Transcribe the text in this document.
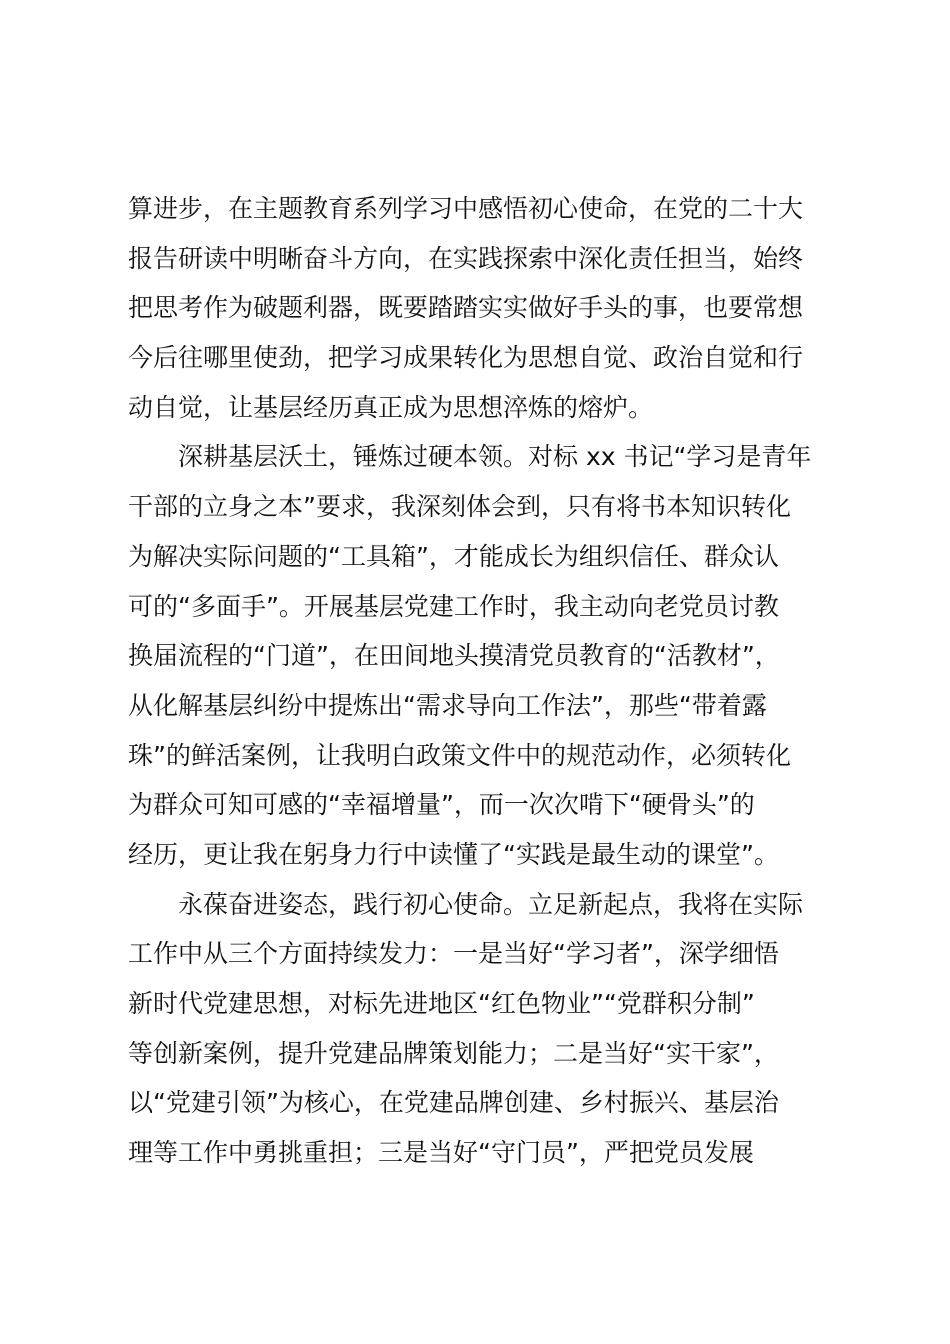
算进步，在主题教育系列学习中感悟初心使命，在党的二十大
报告研读中明晰奋斗方向，在实践探索中深化责任担当，始终
把思考作为破题利器，既要踏踏实实做好手头的事，也要常想
今后往哪里使劲，把学习成果转化为思想自觉、政治自觉和行
动自觉，让基层经历真正成为思想淬炼的熔炉。
深耕基层沃土，锤炼过硬本领。对标 xx 书记“学习是青年
干部的立身之本”要求，我深刻体会到，只有将书本知识转化
为解决实际问题的“工具箱”，才能成长为组织信任、群众认
可的“多面手”。开展基层党建工作时，我主动向老党员讨教
换届流程的“门道”，在田间地头摸清党员教育的“活教材”，
从化解基层纠纷中提炼出“需求导向工作法”，那些“带着露
珠”的鲜活案例，让我明白政策文件中的规范动作，必须转化
为群众可知可感的“幸福增量”，而一次次啃下“硬骨头”的
经历，更让我在躬身力行中读懂了“实践是最生动的课堂”。
永葆奋进姿态，践行初心使命。立足新起点，我将在实际
工作中从三个方面持续发力：一是当好“学习者”，深学细悟
新时代党建思想，对标先进地区“红色物业”“党群积分制”
等创新案例，提升党建品牌策划能力；二是当好“实干家”，
以“党建引领”为核心，在党建品牌创建、乡村振兴、基层治
理等工作中勇挑重担；三是当好“守门员”，严把党员发展
